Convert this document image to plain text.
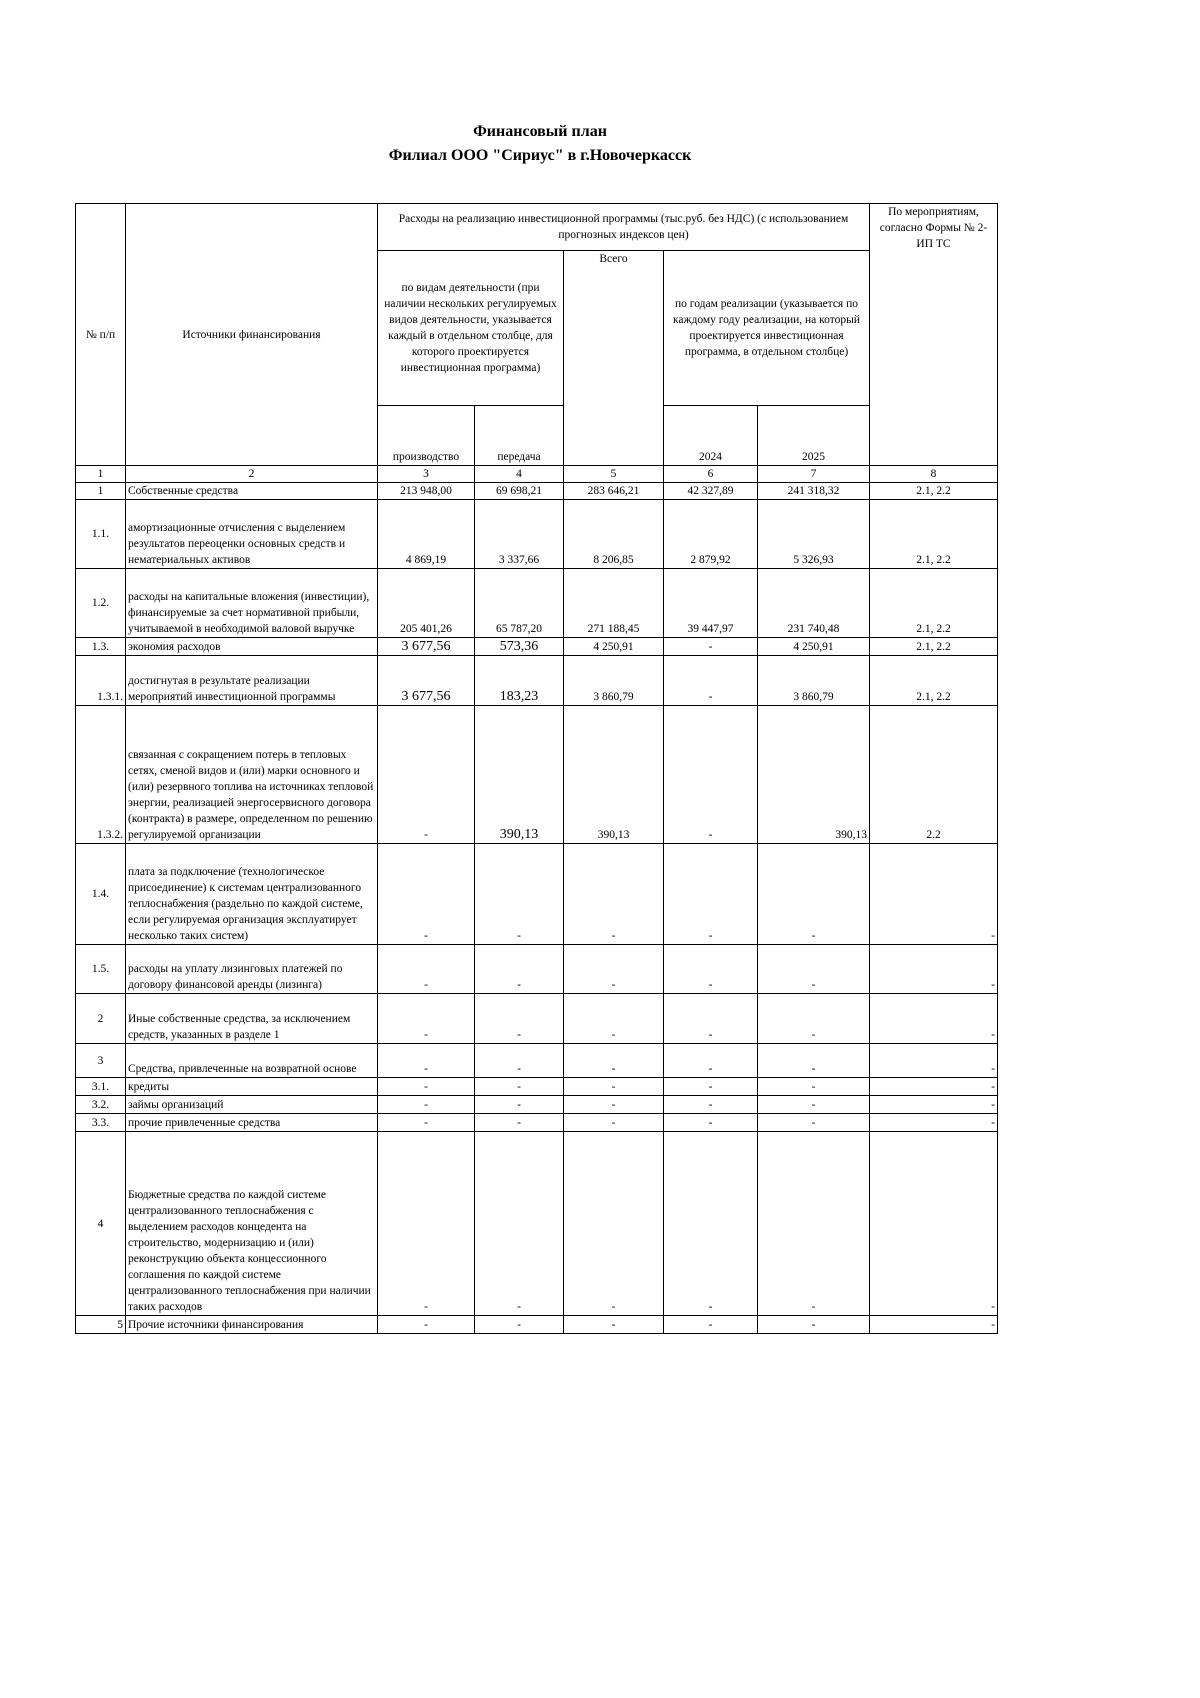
Финансовый план
Филиал ООО "Сириус" в г.Новочеркасск
№ п/п	Источники финансирования	Расходы на реализацию инвестиционной программы (тыс.руб. без НДС) (с использованием прогнозных индексов цен)					По мероприятиям, согласно Формы № 2-ИП ТС
		по видам деятельности (при наличии нескольких регулируемых видов деятельности, указывается каждый в отдельном столбце, для которого проектируется инвестиционная программа)		Всего	по годам реализации (указывается по каждому году реализации, на который проектируется инвестиционная программа, в отдельном столбце)		
		производство	передача		2024	2025	
1	2	3	4	5	6	7	8
1	Собственные средства	213 948,00	69 698,21	283 646,21	42 327,89	241 318,32	2.1, 2.2
1.1.	амортизационные отчисления с выделением результатов переоценки основных средств и нематериальных активов	4 869,19	3 337,66	8 206,85	2 879,92	5 326,93	2.1, 2.2
1.2.	расходы на капитальные вложения (инвестиции), финансируемые за счет нормативной прибыли, учитываемой в необходимой валовой выручке	205 401,26	65 787,20	271 188,45	39 447,97	231 740,48	2.1, 2.2
1.3.	экономия расходов	3 677,56	573,36	4 250,91	-	4 250,91	2.1, 2.2
1.3.1.	достигнутая в результате реализации мероприятий инвестиционной программы	3 677,56	183,23	3 860,79	-	3 860,79	2.1, 2.2
1.3.2.	связанная с сокращением потерь в тепловых сетях, сменой видов и (или) марки основного и (или) резервного топлива на источниках тепловой энергии, реализацией энергосервисного договора (контракта) в размере, определенном по решению регулируемой организации	-	390,13	390,13	-	390,13	2.2
1.4.	плата за подключение (технологическое присоединение) к системам централизованного теплоснабжения (раздельно по каждой системе, если регулируемая организация эксплуатирует несколько таких систем)	-	-	-	-	-	-
1.5.	расходы на уплату лизинговых платежей по договору финансовой аренды (лизинга)	-	-	-	-	-	-
2	Иные собственные средства, за исключением средств, указанных в разделе 1	-	-	-	-	-	-
3	Средства, привлеченные на возвратной основе	-	-	-	-	-	-
3.1.	кредиты	-	-	-	-	-	-
3.2.	займы организаций	-	-	-	-	-	-
3.3.	прочие привлеченные средства	-	-	-	-	-	-
4	Бюджетные средства по каждой системе централизованного теплоснабжения с выделением расходов концедента на строительство, модернизацию и (или) реконструкцию объекта концессионного соглашения по каждой системе централизованного теплоснабжения при наличии таких расходов	-	-	-	-	-	-
5	Прочие источники финансирования	-	-	-	-	-	-
